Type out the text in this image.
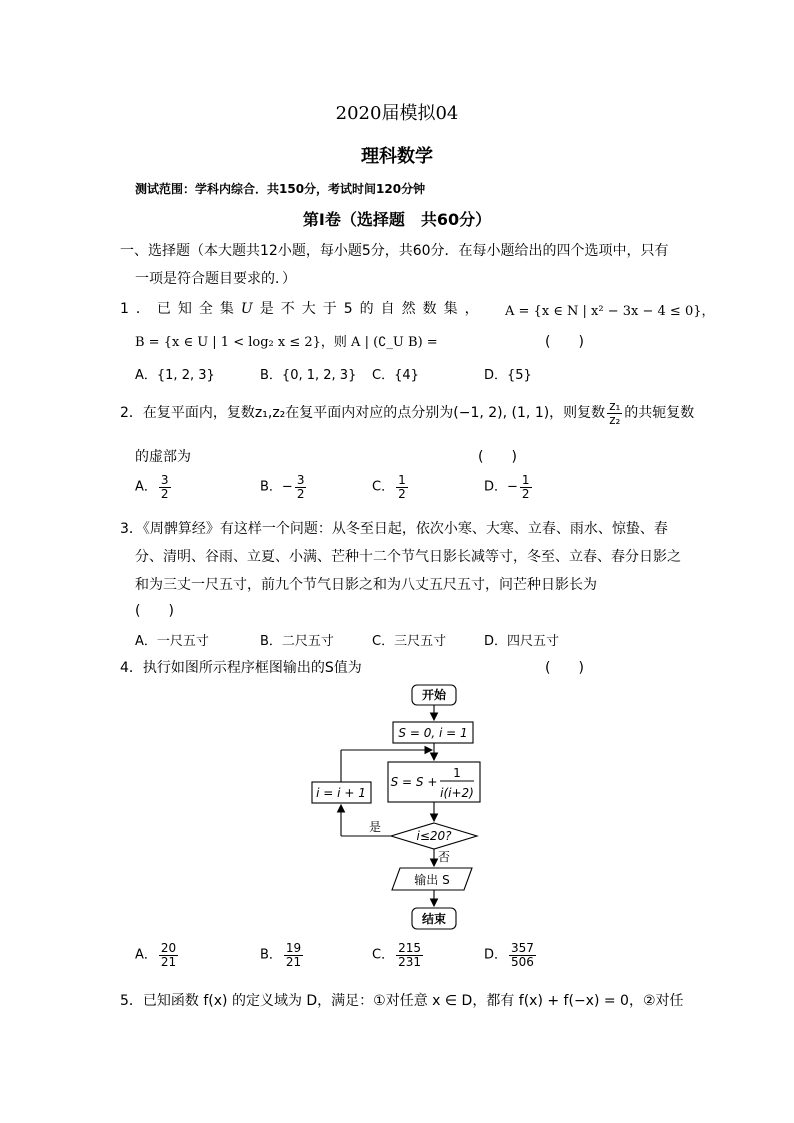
2020届模拟04
理科数学
测试范围：学科内综合．共150分，考试时间120分钟
第Ⅰ卷（选择题　共60分）
一、选择题（本大题共12小题，每小题5分，共60分．在每小题给出的四个选项中，只有
一项是符合题目要求的．）
1．已知全集U是不大于5的自然数集， A = {x ∈ N | x² − 3x − 4 ≤ 0}，
B = {x ∈ U | 1 < log₂ x ≤ 2}，则 A | (∁_U B) =	(　　)
A．{1, 2, 3}	B．{0, 1, 2, 3} C．{4}	D．{5}
2．在复平面内，复数z₁,z₂在复平面内对应的点分别为(−1, 2), (1, 1)，则复数 $\frac{\text{z₁}}{\text{z₂}}$ 的共轭复数
的虚部为	(　　)
A． $\frac{3}{2}$	B．− $\frac{3}{2}$	C． $\frac{1}{2}$	D．− $\frac{1}{2}$
3．《周髀算经》有这样一个问题：从冬至日起，依次小寒、大寒、立春、雨水、惊蛰、春
分、清明、谷雨、立夏、小满、芒种十二个节气日影长减等寸，冬至、立春、春分日影之
和为三丈一尺五寸，前九个节气日影之和为八丈五尺五寸，问芒种日影长为
(　　)
A．一尺五寸	B．二尺五寸	C．三尺五寸	D．四尺五寸
4．执行如图所示程序框图输出的S值为	(　　)
开始
S = 0, i = 1
S = S +
1
i(i+2)
i≤20?
是
否
输出 S
结束
i = i + 1
A． $\frac{20}{21}$	B． $\frac{19}{21}$	C． $\frac{215}{231}$	D． $\frac{357}{506}$
5．已知函数 f(x) 的定义域为 D，满足：①对任意 x ∈ D，都有 f(x) + f(−x) = 0，②对任
